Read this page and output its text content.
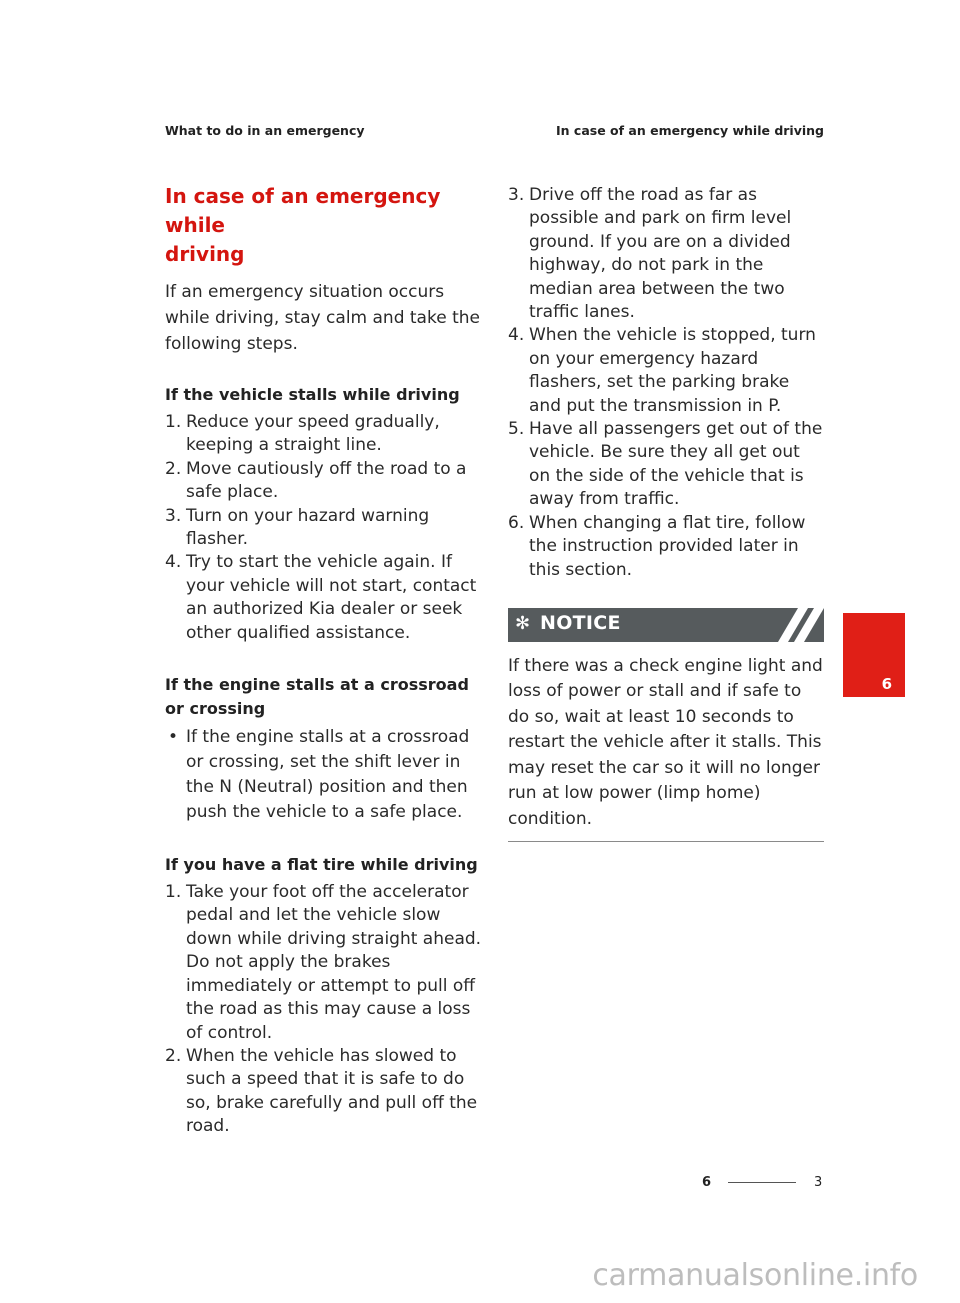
What to do in an emergency	In case of an emergency while driving
In case of an emergency while
driving

If an emergency situation occurs while driving, stay calm and take the following steps.

If the vehicle stalls while driving
1. Reduce your speed gradually, keeping a straight line.
2. Move cautiously off the road to a safe place.
3. Turn on your hazard warning flasher.
4. Try to start the vehicle again. If your vehicle will not start, contact an authorized Kia dealer or seek other qualified assistance.
If the engine stalls at a crossroad or crossing
• If the engine stalls at a crossroad or crossing, set the shift lever in the N (Neutral) position and then push the vehicle to a safe place.
If you have a flat tire while driving
1. Take your foot off the accelerator pedal and let the vehicle slow down while driving straight ahead. Do not apply the brakes immediately or attempt to pull off the road as this may cause a loss of control.
2. When the vehicle has slowed to such a speed that it is safe to do so, brake carefully and pull off the road.
3. Drive off the road as far as possible and park on firm level ground. If you are on a divided highway, do not park in the median area between the two traffic lanes.
4. When the vehicle is stopped, turn on your emergency hazard flashers, set the parking brake and put the transmission in P.
5. Have all passengers get out of the vehicle. Be sure they all get out on the side of the vehicle that is away from traffic.
6. When changing a flat tire, follow the instruction provided later in this section.
✻ NOTICE

If there was a check engine light and loss of power or stall and if safe to do so, wait at least 10 seconds to restart the vehicle after it stalls. This may reset the car so it will no longer run at low power (limp home) condition.

6
6	3
carmanualsonline.info
